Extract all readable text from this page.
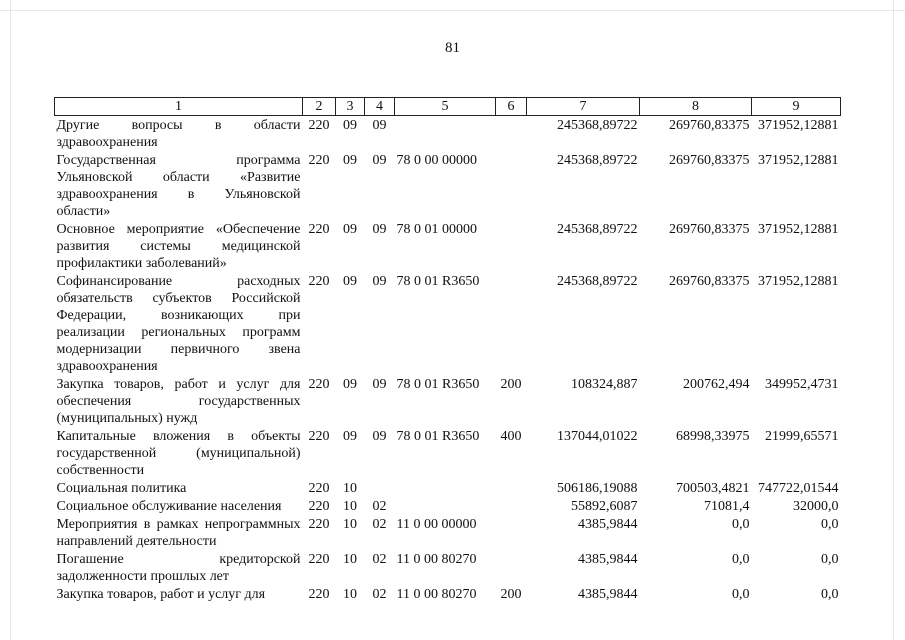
81
1	2	3	4	5	6	7	8	9
Другие вопросы в области здравоохранения	220	09	09			245368,89722	269760,83375	371952,12881
Государственная программа Ульяновской области «Развитие здравоохранения в Ульяновской области»	220	09	09	78 0 00 00000		245368,89722	269760,83375	371952,12881
Основное мероприятие «Обеспечение развития системы медицинской профилактики заболеваний»	220	09	09	78 0 01 00000		245368,89722	269760,83375	371952,12881
Софинансирование расходных обязательств субъектов Российской Федерации, возникающих при реализации региональных программ модернизации первичного звена здравоохранения	220	09	09	78 0 01 R3650		245368,89722	269760,83375	371952,12881
Закупка товаров, работ и услуг для обеспечения государственных (муниципальных) нужд	220	09	09	78 0 01 R3650	200	108324,887	200762,494	349952,4731
Капитальные вложения в объекты государственной (муниципальной) собственности	220	09	09	78 0 01 R3650	400	137044,01022	68998,33975	21999,65571
Социальная политика	220	10				506186,19088	700503,4821	747722,01544
Социальное обслуживание населения	220	10	02			55892,6087	71081,4	32000,0
Мероприятия в рамках непрограммных направлений деятельности	220	10	02	11 0 00 00000		4385,9844	0,0	0,0
Погашение кредиторской задолженности прошлых лет	220	10	02	11 0 00 80270		4385,9844	0,0	0,0
Закупка товаров, работ и услуг для	220	10	02	11 0 00 80270	200	4385,9844	0,0	0,0
